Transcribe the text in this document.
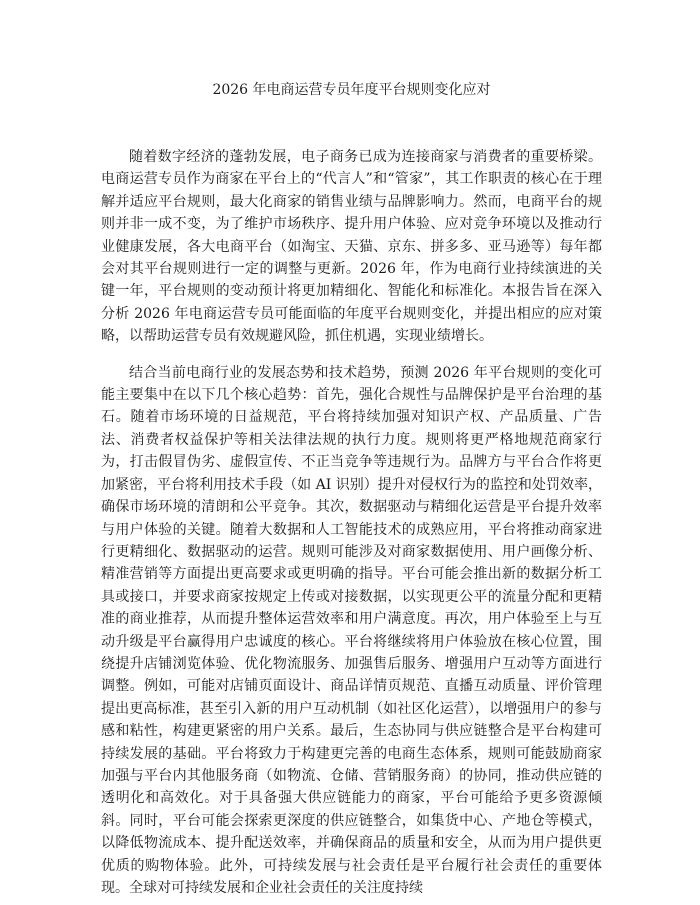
2026 年电商运营专员年度平台规则变化应对

随着数字经济的蓬勃发展，电子商务已成为连接商家与消费者的重要桥梁。电商运营专员作为商家在平台上的“代言人”和“管家”，其工作职责的核心在于理解并适应平台规则，最大化商家的销售业绩与品牌影响力。然而，电商平台的规则并非一成不变，为了维护市场秩序、提升用户体验、应对竞争环境以及推动行业健康发展，各大电商平台（如淘宝、天猫、京东、拼多多、亚马逊等）每年都会对其平台规则进行一定的调整与更新。2026 年，作为电商行业持续演进的关键一年，平台规则的变动预计将更加精细化、智能化和标准化。本报告旨在深入分析 2026 年电商运营专员可能面临的年度平台规则变化，并提出相应的应对策略，以帮助运营专员有效规避风险，抓住机遇，实现业绩增长。

结合当前电商行业的发展态势和技术趋势，预测 2026 年平台规则的变化可能主要集中在以下几个核心趋势：首先，强化合规性与品牌保护是平台治理的基石。随着市场环境的日益规范，平台将持续加强对知识产权、产品质量、广告法、消费者权益保护等相关法律法规的执行力度。规则将更严格地规范商家行为，打击假冒伪劣、虚假宣传、不正当竞争等违规行为。品牌方与平台合作将更加紧密，平台将利用技术手段（如 AI 识别）提升对侵权行为的监控和处罚效率，确保市场环境的清朗和公平竞争。其次，数据驱动与精细化运营是平台提升效率与用户体验的关键。随着大数据和人工智能技术的成熟应用，平台将推动商家进行更精细化、数据驱动的运营。规则可能涉及对商家数据使用、用户画像分析、精准营销等方面提出更高要求或更明确的指导。平台可能会推出新的数据分析工具或接口，并要求商家按规定上传或对接数据，以实现更公平的流量分配和更精准的商业推荐，从而提升整体运营效率和用户满意度。再次，用户体验至上与互动升级是平台赢得用户忠诚度的核心。平台将继续将用户体验放在核心位置，围绕提升店铺浏览体验、优化物流服务、加强售后服务、增强用户互动等方面进行调整。例如，可能对店铺页面设计、商品详情页规范、直播互动质量、评价管理提出更高标准，甚至引入新的用户互动机制（如社区化运营），以增强用户的参与感和粘性，构建更紧密的用户关系。最后，生态协同与供应链整合是平台构建可持续发展的基础。平台将致力于构建更完善的电商生态体系，规则可能鼓励商家加强与平台内其他服务商（如物流、仓储、营销服务商）的协同，推动供应链的透明化和高效化。对于具备强大供应链能力的商家，平台可能给予更多资源倾斜。同时，平台可能会探索更深度的供应链整合，如集货中心、产地仓等模式，以降低物流成本、提升配送效率，并确保商品的质量和安全，从而为用户提供更优质的购物体验。此外，可持续发展与社会责任是平台履行社会责任的重要体现。全球对可持续发展和企业社会责任的关注度持续
